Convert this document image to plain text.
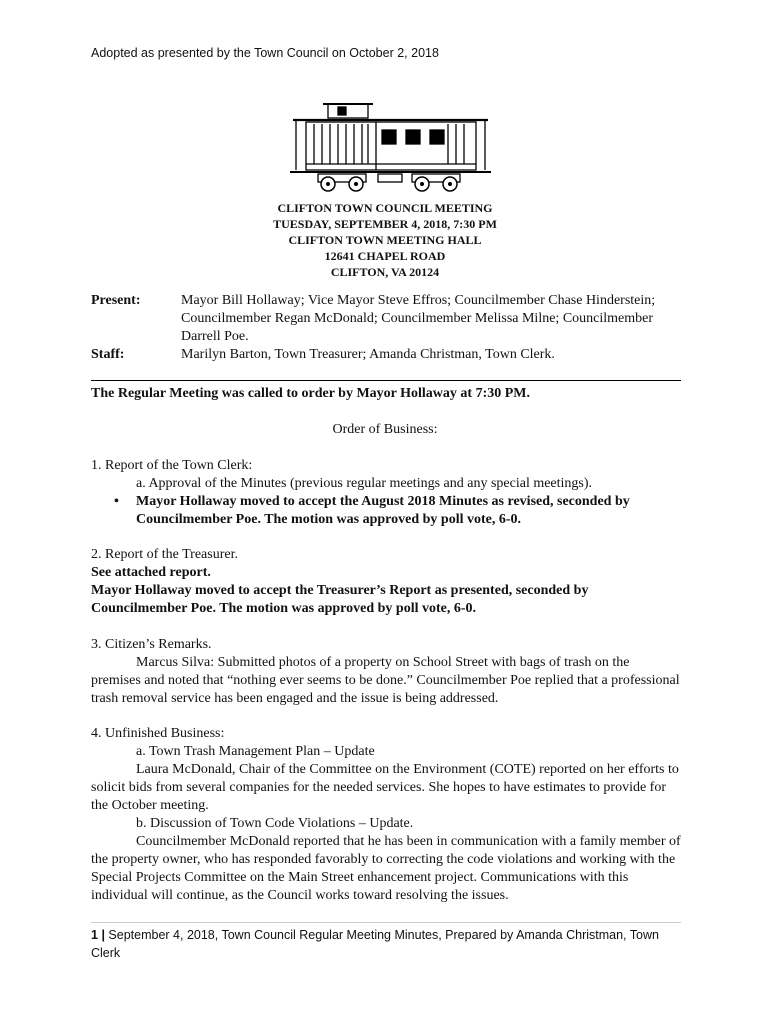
Adopted as presented by the Town Council on October 2, 2018
CLIFTON TOWN COUNCIL MEETING
TUESDAY, SEPTEMBER 4, 2018, 7:30 PM
CLIFTON TOWN MEETING HALL
12641 CHAPEL ROAD
CLIFTON, VA 20124
Present:	Mayor Bill Hollaway; Vice Mayor Steve Effros; Councilmember Chase Hinderstein; Councilmember Regan McDonald; Councilmember Melissa Milne; Councilmember Darrell Poe.
Staff:	Marilyn Barton, Town Treasurer; Amanda Christman, Town Clerk.
The Regular Meeting was called to order by Mayor Hollaway at 7:30 PM.
Order of Business:
1. Report of the Town Clerk:
a. Approval of the Minutes (previous regular meetings and any special meetings).
• Mayor Hollaway moved to accept the August 2018 Minutes as revised, seconded by Councilmember Poe. The motion was approved by poll vote, 6-0.
2. Report of the Treasurer.
See attached report.
Mayor Hollaway moved to accept the Treasurer’s Report as presented, seconded by Councilmember Poe. The motion was approved by poll vote, 6-0.
3. Citizen’s Remarks.
Marcus Silva: Submitted photos of a property on School Street with bags of trash on the premises and noted that “nothing ever seems to be done.” Councilmember Poe replied that a professional trash removal service has been engaged and the issue is being addressed.
4. Unfinished Business:
a. Town Trash Management Plan – Update
Laura McDonald, Chair of the Committee on the Environment (COTE) reported on her efforts to solicit bids from several companies for the needed services. She hopes to have estimates to provide for the October meeting.
b. Discussion of Town Code Violations – Update.
Councilmember McDonald reported that he has been in communication with a family member of the property owner, who has responded favorably to correcting the code violations and working with the Special Projects Committee on the Main Street enhancement project. Communications with this individual will continue, as the Council works toward resolving the issues.
1 | September 4, 2018, Town Council Regular Meeting Minutes, Prepared by Amanda Christman, Town Clerk
